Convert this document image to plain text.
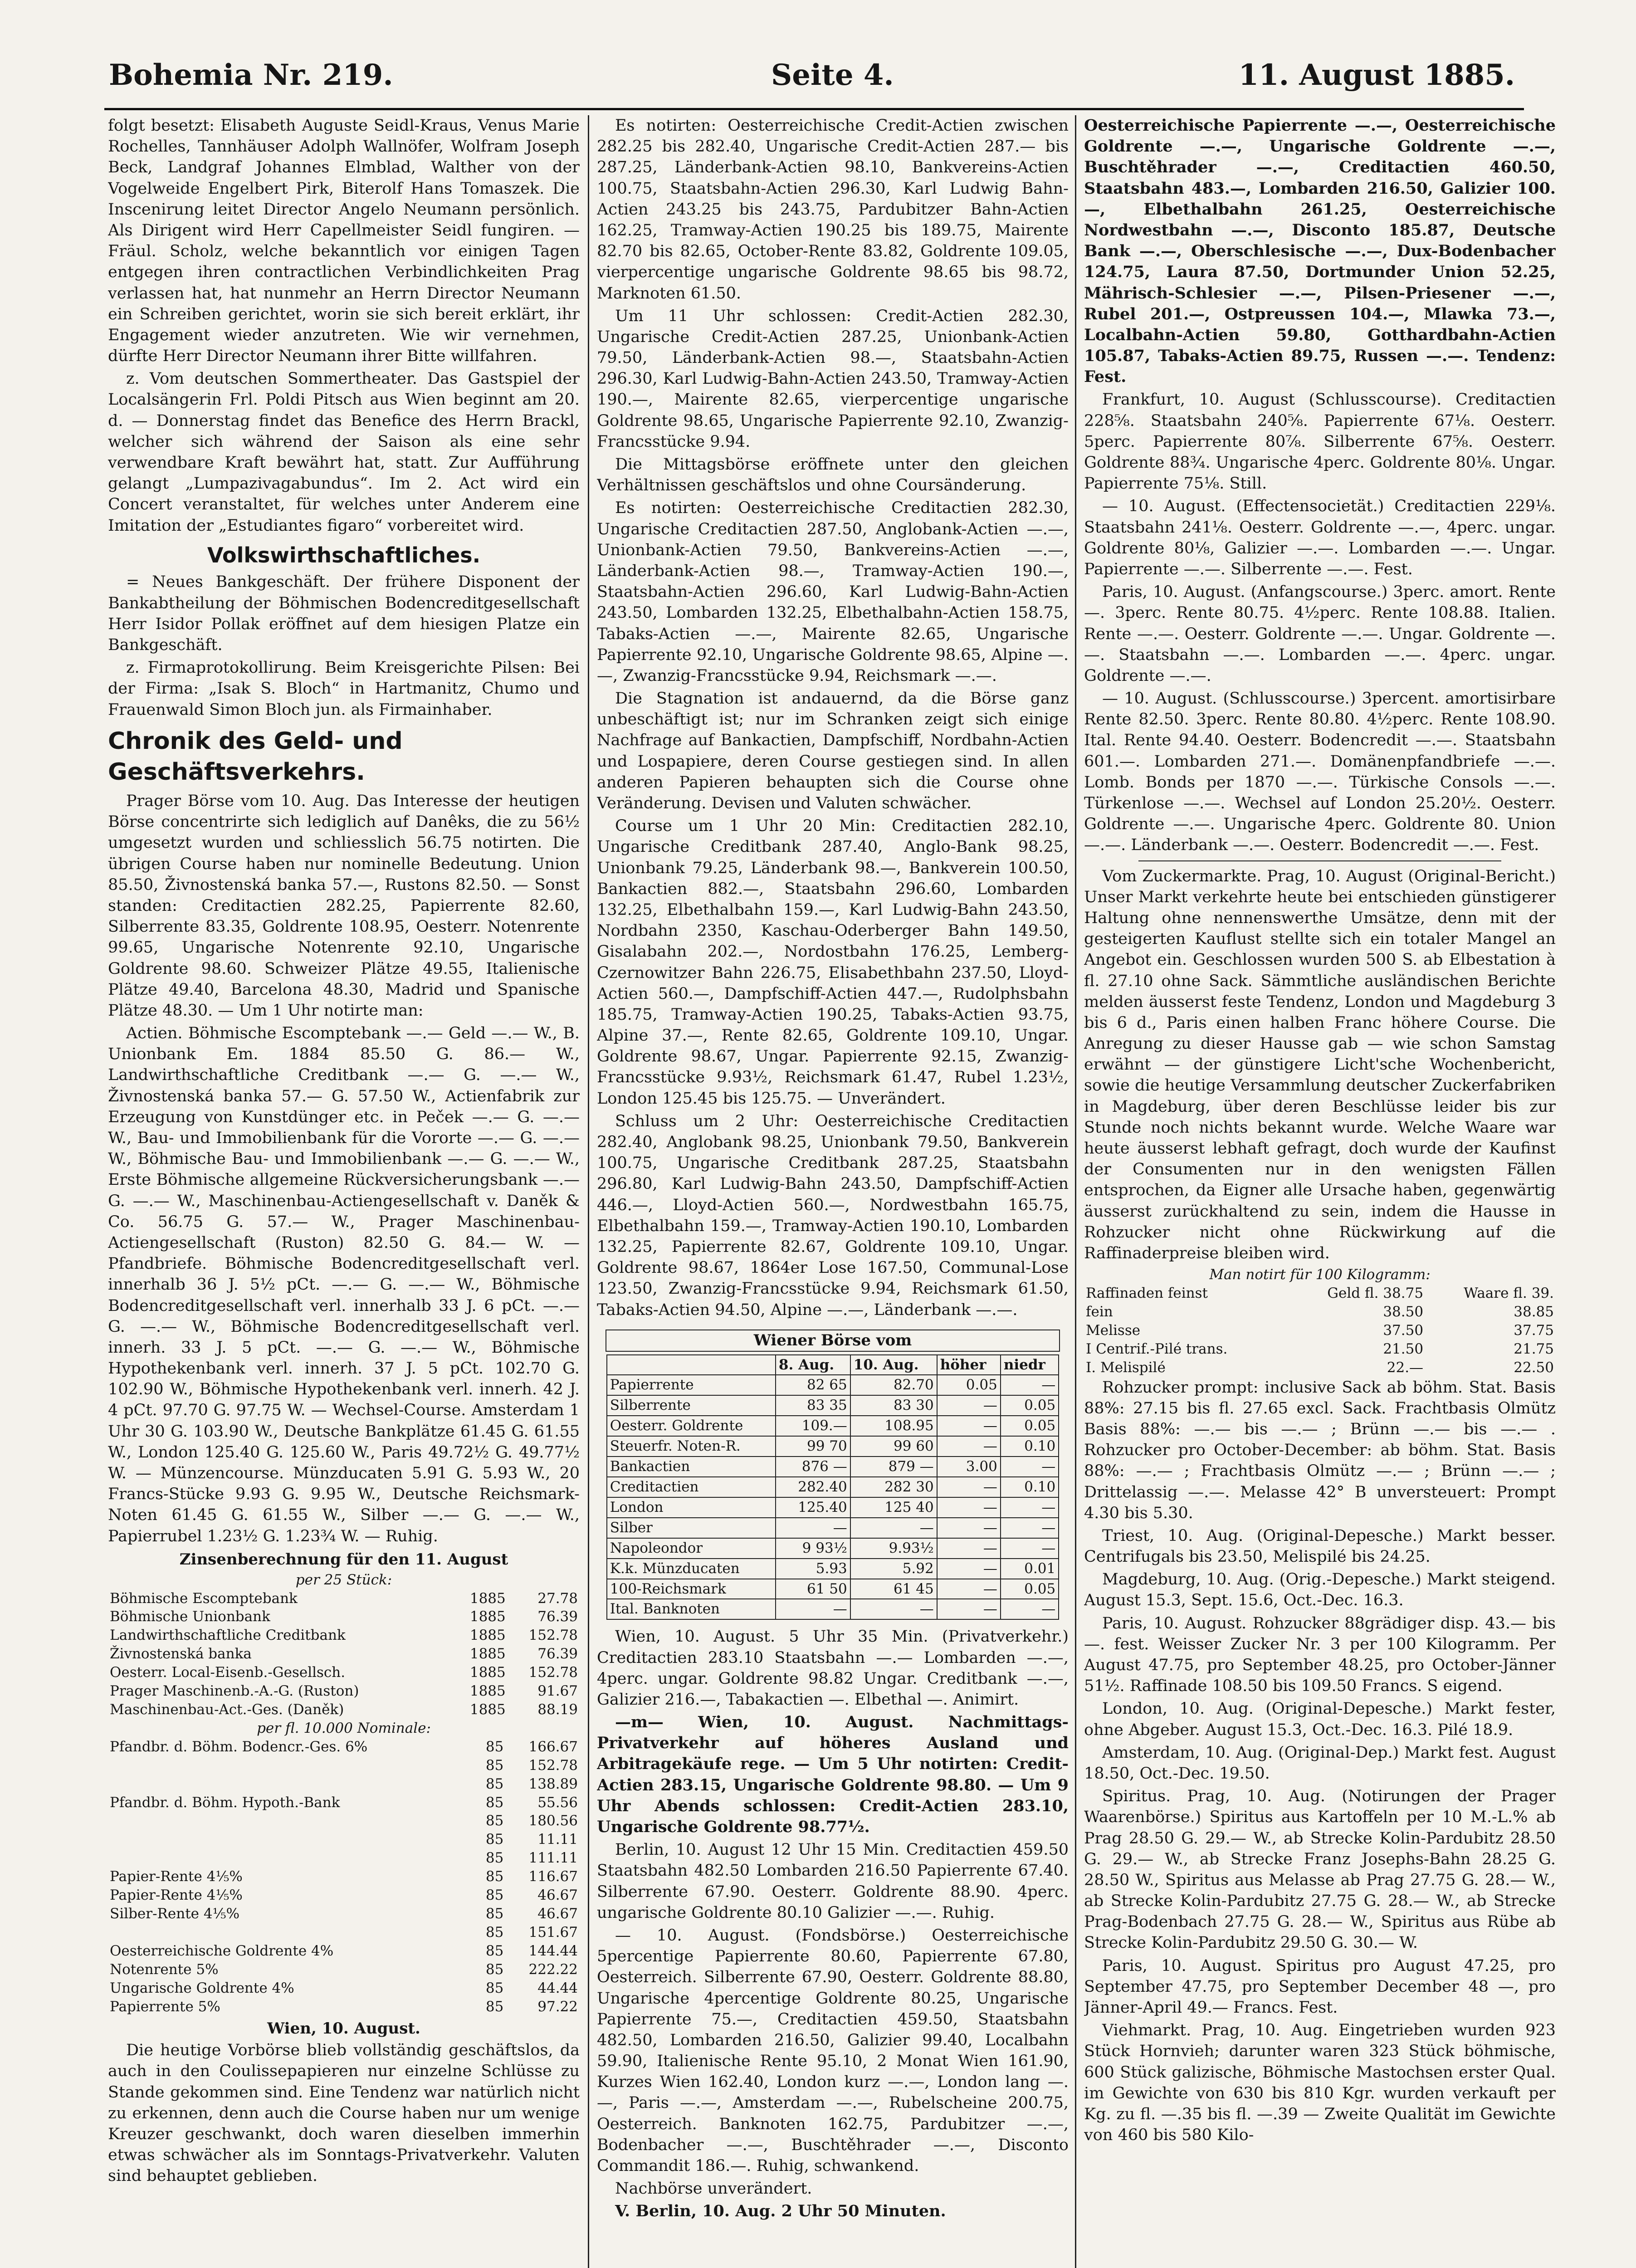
Bohemia Nr. 219.	Seite 4.	11. August 1885.

folgt besetzt: Elisabeth Auguste Seidl-Kraus, Venus Marie Rochelles, Tannhäuser Adolph Wallnöfer, Wolfram Joseph Beck, Landgraf Johannes Elmblad, Walther von der Vogelweide Engelbert Pirk, Biterolf Hans Tomaszek. Die Inscenirung leitet Director Angelo Neumann persönlich. Als Dirigent wird Herr Capellmeister Seidl fungiren. — Fräul. Scholz, welche bekanntlich vor einigen Tagen entgegen ihren contractlichen Verbindlichkeiten Prag verlassen hat, hat nunmehr an Herrn Director Neumann ein Schreiben gerichtet, worin sie sich bereit erklärt, ihr Engagement wieder anzutreten. Wie wir vernehmen, dürfte Herr Director Neumann ihrer Bitte willfahren.

z. Vom deutschen Sommertheater. Das Gastspiel der Localsängerin Frl. Poldi Pitsch aus Wien beginnt am 20. d. — Donnerstag findet das Benefice des Herrn Brackl, welcher sich während der Saison als eine sehr verwendbare Kraft bewährt hat, statt. Zur Aufführung gelangt „Lumpazivagabundus“. Im 2. Act wird ein Concert veranstaltet, für welches unter Anderem eine Imitation der „Estudiantes figaro“ vorbereitet wird.

Volkswirthschaftliches.

= Neues Bankgeschäft. Der frühere Disponent der Bankabtheilung der Böhmischen Bodencreditgesellschaft Herr Isidor Pollak eröffnet auf dem hiesigen Platze ein Bankgeschäft.

z. Firmaprotokollirung. Beim Kreisgerichte Pilsen: Bei der Firma: „Isak S. Bloch“ in Hartmanitz, Chumo und Frauenwald Simon Bloch jun. als Firmainhaber.

Chronik des Geld- und Geschäftsverkehrs.

Prager Börse vom 10. Aug. Das Interesse der heutigen Börse concentrirte sich lediglich auf Danêks, die zu 56½ umgesetzt wurden und schliesslich 56.75 notirten. Die übrigen Course haben nur nominelle Bedeutung. Union 85.50, Živnostenská banka 57.—, Rustons 82.50. — Sonst standen: Creditactien 282.25, Papierrente 82.60, Silberrente 83.35, Goldrente 108.95, Oesterr. Notenrente 99.65, Ungarische Notenrente 92.10, Ungarische Goldrente 98.60. Schweizer Plätze 49.55, Italienische Plätze 49.40, Barcelona 48.30, Madrid und Spanische Plätze 48.30. — Um 1 Uhr notirte man:

Actien. Böhmische Escomptebank —.— Geld —.— W., B. Unionbank Em. 1884 85.50 G. 86.— W., Landwirthschaftliche Creditbank —.— G. —.— W., Živnostenská banka 57.— G. 57.50 W., Actienfabrik zur Erzeugung von Kunstdünger etc. in Peček —.— G. —.— W., Bau- und Immobilienbank für die Vororte —.— G. —.— W., Böhmische Bau- und Immobilienbank —.— G. —.— W., Erste Böhmische allgemeine Rückversicherungsbank —.— G. —.— W., Maschinenbau-Actiengesellschaft v. Daněk & Co. 56.75 G. 57.— W., Prager Maschinenbau-Actiengesellschaft (Ruston) 82.50 G. 84.— W. — Pfandbriefe. Böhmische Bodencreditgesellschaft verl. innerhalb 36 J. 5½ pCt. —.— G. —.— W., Böhmische Bodencreditgesellschaft verl. innerhalb 33 J. 6 pCt. —.— G. —.— W., Böhmische Bodencreditgesellschaft verl. innerh. 33 J. 5 pCt. —.— G. —.— W., Böhmische Hypothekenbank verl. innerh. 37 J. 5 pCt. 102.70 G. 102.90 W., Böhmische Hypothekenbank verl. innerh. 42 J. 4 pCt. 97.70 G. 97.75 W. — Wechsel-Course. Amsterdam 1 Uhr 30 G. 103.90 W., Deutsche Bankplätze 61.45 G. 61.55 W., London 125.40 G. 125.60 W., Paris 49.72½ G. 49.77½ W. — Münzencourse. Münzducaten 5.91 G. 5.93 W., 20 Francs-Stücke 9.93 G. 9.95 W., Deutsche Reichsmark-Noten 61.45 G. 61.55 W., Silber —.— G. —.— W., Papierrubel 1.23½ G. 1.23¾ W. — Ruhig.

Zinsenberechnung für den 11. August
per 25 Stück:
Böhmische Escomptebank	1885	27.78
Böhmische Unionbank	1885	76.39
Landwirthschaftliche Creditbank	1885	152.78
Živnostenská banka	1885	76.39
Oesterr. Local-Eisenb.-Gesellsch.	1885	152.78
Prager Maschinenb.-A.-G. (Ruston)	1885	91.67
Maschinenbau-Act.-Ges. (Daněk)	1885	88.19
per fl. 10.000 Nominale:
Pfandbr. d. Böhm. Bodencr.-Ges. 6%	85	166.67
	85	152.78
	85	138.89
Pfandbr. d. Böhm. Hypoth.-Bank	85	55.56
	85	180.56
	85	11.11
	85	111.11
Papier-Rente 4⅕%	85	116.67
Papier-Rente 4⅕%	85	46.67
Silber-Rente 4⅕%	85	46.67
	85	151.67
Oesterreichische Goldrente 4%	85	144.44
Notenrente 5%	85	222.22
Ungarische Goldrente 4%	85	44.44
Papierrente 5%	85	97.22
Wien, 10. August.

Die heutige Vorbörse blieb vollständig geschäftslos, da auch in den Coulissepapieren nur einzelne Schlüsse zu Stande gekommen sind. Eine Tendenz war natürlich nicht zu erkennen, denn auch die Course haben nur um wenige Kreuzer geschwankt, doch waren dieselben immerhin etwas schwächer als im Sonntags-Privatverkehr. Valuten sind behauptet geblieben.

Es notirten: Oesterreichische Credit-Actien zwischen 282.25 bis 282.40, Ungarische Credit-Actien 287.— bis 287.25, Länderbank-Actien 98.10, Bankvereins-Actien 100.75, Staatsbahn-Actien 296.30, Karl Ludwig Bahn-Actien 243.25 bis 243.75, Pardubitzer Bahn-Actien 162.25, Tramway-Actien 190.25 bis 189.75, Mairente 82.70 bis 82.65, October-Rente 83.82, Goldrente 109.05, vierpercentige ungarische Goldrente 98.65 bis 98.72, Marknoten 61.50.

Um 11 Uhr schlossen: Credit-Actien 282.30, Ungarische Credit-Actien 287.25, Unionbank-Actien 79.50, Länderbank-Actien 98.—, Staatsbahn-Actien 296.30, Karl Ludwig-Bahn-Actien 243.50, Tramway-Actien 190.—, Mairente 82.65, vierpercentige ungarische Goldrente 98.65, Ungarische Papierrente 92.10, Zwanzig-Francsstücke 9.94.

Die Mittagsbörse eröffnete unter den gleichen Verhältnissen geschäftslos und ohne Coursänderung.

Es notirten: Oesterreichische Creditactien 282.30, Ungarische Creditactien 287.50, Anglobank-Actien —.—, Unionbank-Actien 79.50, Bankvereins-Actien —.—, Länderbank-Actien 98.—, Tramway-Actien 190.—, Staatsbahn-Actien 296.60, Karl Ludwig-Bahn-Actien 243.50, Lombarden 132.25, Elbethalbahn-Actien 158.75, Tabaks-Actien —.—, Mairente 82.65, Ungarische Papierrente 92.10, Ungarische Goldrente 98.65, Alpine —.—, Zwanzig-Francsstücke 9.94, Reichsmark —.—.

Die Stagnation ist andauernd, da die Börse ganz unbeschäftigt ist; nur im Schranken zeigt sich einige Nachfrage auf Bankactien, Dampfschiff, Nordbahn-Actien und Lospapiere, deren Course gestiegen sind. In allen anderen Papieren behaupten sich die Course ohne Veränderung. Devisen und Valuten schwächer.

Course um 1 Uhr 20 Min: Creditactien 282.10, Ungarische Creditbank 287.40, Anglo-Bank 98.25, Unionbank 79.25, Länderbank 98.—, Bankverein 100.50, Bankactien 882.—, Staatsbahn 296.60, Lombarden 132.25, Elbethalbahn 159.—, Karl Ludwig-Bahn 243.50, Nordbahn 2350, Kaschau-Oderberger Bahn 149.50, Gisalabahn 202.—, Nordostbahn 176.25, Lemberg-Czernowitzer Bahn 226.75, Elisabethbahn 237.50, Lloyd-Actien 560.—, Dampfschiff-Actien 447.—, Rudolphsbahn 185.75, Tramway-Actien 190.25, Tabaks-Actien 93.75, Alpine 37.—, Rente 82.65, Goldrente 109.10, Ungar. Goldrente 98.67, Ungar. Papierrente 92.15, Zwanzig-Francsstücke 9.93½, Reichsmark 61.47, Rubel 1.23½, London 125.45 bis 125.75. — Unverändert.

Schluss um 2 Uhr: Oesterreichische Creditactien 282.40, Anglobank 98.25, Unionbank 79.50, Bankverein 100.75, Ungarische Creditbank 287.25, Staatsbahn 296.80, Karl Ludwig-Bahn 243.50, Dampfschiff-Actien 446.—, Lloyd-Actien 560.—, Nordwestbahn 165.75, Elbethalbahn 159.—, Tramway-Actien 190.10, Lombarden 132.25, Papierrente 82.67, Goldrente 109.10, Ungar. Goldrente 98.67, 1864er Lose 167.50, Communal-Lose 123.50, Zwanzig-Francsstücke 9.94, Reichsmark 61.50, Tabaks-Actien 94.50, Alpine —.—, Länderbank —.—.

Wiener Börse vom
	8. Aug.	10. Aug.	höher	niedr
Papierrente	82 65	82.70	0.05	—
Silberrente	83 35	83 30	—	0.05
Oesterr. Goldrente	109.—	108.95	—	0.05
Steuerfr. Noten-R.	99 70	99 60	—	0.10
Bankactien	876 —	879 —	3.00	—
Creditactien	282.40	282 30	—	0.10
London	125.40	125 40	—	—
Silber	—	—	—	—
Napoleondor	9 93½	9.93½	—	—
K.k. Münzducaten	5.93	5.92	—	0.01
100-Reichsmark	61 50	61 45	—	0.05
Ital. Banknoten	—	—	—	—

Wien, 10. August. 5 Uhr 35 Min. (Privatverkehr.) Creditactien 283.10 Staatsbahn —.— Lombarden —.—, 4perc. ungar. Goldrente 98.82 Ungar. Creditbank —.—, Galizier 216.—, Tabakactien —. Elbethal —. Animirt.

—m— Wien, 10. August. Nachmittags-Privatverkehr auf höheres Ausland und Arbitragekäufe rege. — Um 5 Uhr notirten: Credit-Actien 283.15, Ungarische Goldrente 98.80. — Um 9 Uhr Abends schlossen: Credit-Actien 283.10, Ungarische Goldrente 98.77½.

Berlin, 10. August 12 Uhr 15 Min. Creditactien 459.50 Staatsbahn 482.50 Lombarden 216.50 Papierrente 67.40. Silberrente 67.90. Oesterr. Goldrente 88.90. 4perc. ungarische Goldrente 80.10 Galizier —.—. Ruhig.

— 10. August. (Fondsbörse.) Oesterreichische 5percentige Papierrente 80.60, Papierrente 67.80, Oesterreich. Silberrente 67.90, Oesterr. Goldrente 88.80, Ungarische 4percentige Goldrente 80.25, Ungarische Papierrente 75.—, Creditactien 459.50, Staatsbahn 482.50, Lombarden 216.50, Galizier 99.40, Localbahn 59.90, Italienische Rente 95.10, 2 Monat Wien 161.90, Kurzes Wien 162.40, London kurz —.—, London lang —.—, Paris —.—, Amsterdam —.—, Rubelscheine 200.75, Oesterreich. Banknoten 162.75, Pardubitzer —.—, Bodenbacher —.—, Buschtěhrader —.—, Disconto Commandit 186.—. Ruhig, schwankend.

Nachbörse unverändert.

V. Berlin, 10. Aug. 2 Uhr 50 Minuten.

Oesterreichische Papierrente —.—, Oesterreichische Goldrente —.—, Ungarische Goldrente —.—, Buschtěhrader —.—, Creditactien 460.50, Staatsbahn 483.—, Lombarden 216.50, Galizier 100.—, Elbethalbahn 261.25, Oesterreichische Nordwestbahn —.—, Disconto 185.87, Deutsche Bank —.—, Oberschlesische —.—, Dux-Bodenbacher 124.75, Laura 87.50, Dortmunder Union 52.25, Mährisch-Schlesier —.—, Pilsen-Priesener —.—, Rubel 201.—, Ostpreussen 104.—, Mlawka 73.—, Localbahn-Actien 59.80, Gotthardbahn-Actien 105.87, Tabaks-Actien 89.75, Russen —.—. Tendenz: Fest.

Frankfurt, 10. August (Schlusscourse). Creditactien 228⅝. Staatsbahn 240⅝. Papierrente 67⅛. Oesterr. 5perc. Papierrente 80⅞. Silberrente 67⅝. Oesterr. Goldrente 88¾. Ungarische 4perc. Goldrente 80⅛. Ungar. Papierrente 75⅛. Still.

— 10. August. (Effectensocietät.) Creditactien 229⅛. Staatsbahn 241⅛. Oesterr. Goldrente —.—, 4perc. ungar. Goldrente 80⅛, Galizier —.—. Lombarden —.—. Ungar. Papierrente —.—. Silberrente —.—. Fest.

Paris, 10. August. (Anfangscourse.) 3perc. amort. Rente —. 3perc. Rente 80.75. 4½perc. Rente 108.88. Italien. Rente —.—. Oesterr. Goldrente —.—. Ungar. Goldrente —.—. Staatsbahn —.—. Lombarden —.—. 4perc. ungar. Goldrente —.—.

— 10. August. (Schlusscourse.) 3percent. amortisirbare Rente 82.50. 3perc. Rente 80.80. 4½perc. Rente 108.90. Ital. Rente 94.40. Oesterr. Bodencredit —.—. Staatsbahn 601.—. Lombarden 271.—. Domänenpfandbriefe —.—. Lomb. Bonds per 1870 —.—. Türkische Consols —.—. Türkenlose —.—. Wechsel auf London 25.20½. Oesterr. Goldrente —.—. Ungarische 4perc. Goldrente 80. Union —.—. Länderbank —.—. Oesterr. Bodencredit —.—. Fest.

Vom Zuckermarkte. Prag, 10. August (Original-Bericht.) Unser Markt verkehrte heute bei entschieden günstigerer Haltung ohne nennenswerthe Umsätze, denn mit der gesteigerten Kauflust stellte sich ein totaler Mangel an Angebot ein. Geschlossen wurden 500 S. ab Elbestation à fl. 27.10 ohne Sack. Sämmtliche ausländischen Berichte melden äusserst feste Tendenz, London und Magdeburg 3 bis 6 d., Paris einen halben Franc höhere Course. Die Anregung zu dieser Hausse gab — wie schon Samstag erwähnt — der günstigere Licht'sche Wochenbericht, sowie die heutige Versammlung deutscher Zuckerfabriken in Magdeburg, über deren Beschlüsse leider bis zur Stunde noch nichts bekannt wurde. Welche Waare war heute äusserst lebhaft gefragt, doch wurde der Kaufinst der Consumenten nur in den wenigsten Fällen entsprochen, da Eigner alle Ursache haben, gegenwärtig äusserst zurückhaltend zu sein, indem die Hausse in Rohzucker nicht ohne Rückwirkung auf die Raffinaderpreise bleiben wird.

Man notirt für 100 Kilogramm:
Raffinaden feinst	Geld fl. 38.75	Waare fl. 39.
fein	38.50	38.85
Melisse	37.50	37.75
I Centrif.-Pilé trans.	21.50	21.75
I. Melispilé	22.—	22.50

Rohzucker prompt: inclusive Sack ab böhm. Stat. Basis 88%: 27.15 bis fl. 27.65 excl. Sack. Frachtbasis Olmütz Basis 88%: —.— bis —.— ; Brünn —.— bis —.— . Rohzucker pro October-December: ab böhm. Stat. Basis 88%: —.— ; Frachtbasis Olmütz —.— ; Brünn —.— ; Drittelassig —.—. Melasse 42° B unversteuert: Prompt 4.30 bis 5.30.

Triest, 10. Aug. (Original-Depesche.) Markt besser. Centrifugals bis 23.50, Melispilé bis 24.25.

Magdeburg, 10. Aug. (Orig.-Depesche.) Markt steigend. August 15.3, Sept. 15.6, Oct.-Dec. 16.3.

Paris, 10. August. Rohzucker 88grädiger disp. 43.— bis —. fest. Weisser Zucker Nr. 3 per 100 Kilogramm. Per August 47.75, pro September 48.25, pro October-Jänner 51½. Raffinade 108.50 bis 109.50 Francs. S eigend.

London, 10. Aug. (Original-Depesche.) Markt fester, ohne Abgeber. August 15.3, Oct.-Dec. 16.3. Pilé 18.9.

Amsterdam, 10. Aug. (Original-Dep.) Markt fest. August 18.50, Oct.-Dec. 19.50.

Spiritus. Prag, 10. Aug. (Notirungen der Prager Waarenbörse.) Spiritus aus Kartoffeln per 10 M.-L.% ab Prag 28.50 G. 29.— W., ab Strecke Kolin-Pardubitz 28.50 G. 29.— W., ab Strecke Franz Josephs-Bahn 28.25 G. 28.50 W., Spiritus aus Melasse ab Prag 27.75 G. 28.— W., ab Strecke Kolin-Pardubitz 27.75 G. 28.— W., ab Strecke Prag-Bodenbach 27.75 G. 28.— W., Spiritus aus Rübe ab Strecke Kolin-Pardubitz 29.50 G. 30.— W.

Paris, 10. August. Spiritus pro August 47.25, pro September 47.75, pro September December 48 —, pro Jänner-April 49.— Francs. Fest.

Viehmarkt. Prag, 10. Aug. Eingetrieben wurden 923 Stück Hornvieh; darunter waren 323 Stück böhmische, 600 Stück galizische, Böhmische Mastochsen erster Qual. im Gewichte von 630 bis 810 Kgr. wurden verkauft per Kg. zu fl. —.35 bis fl. —.39 — Zweite Qualität im Gewichte von 460 bis 580 Kilo-
